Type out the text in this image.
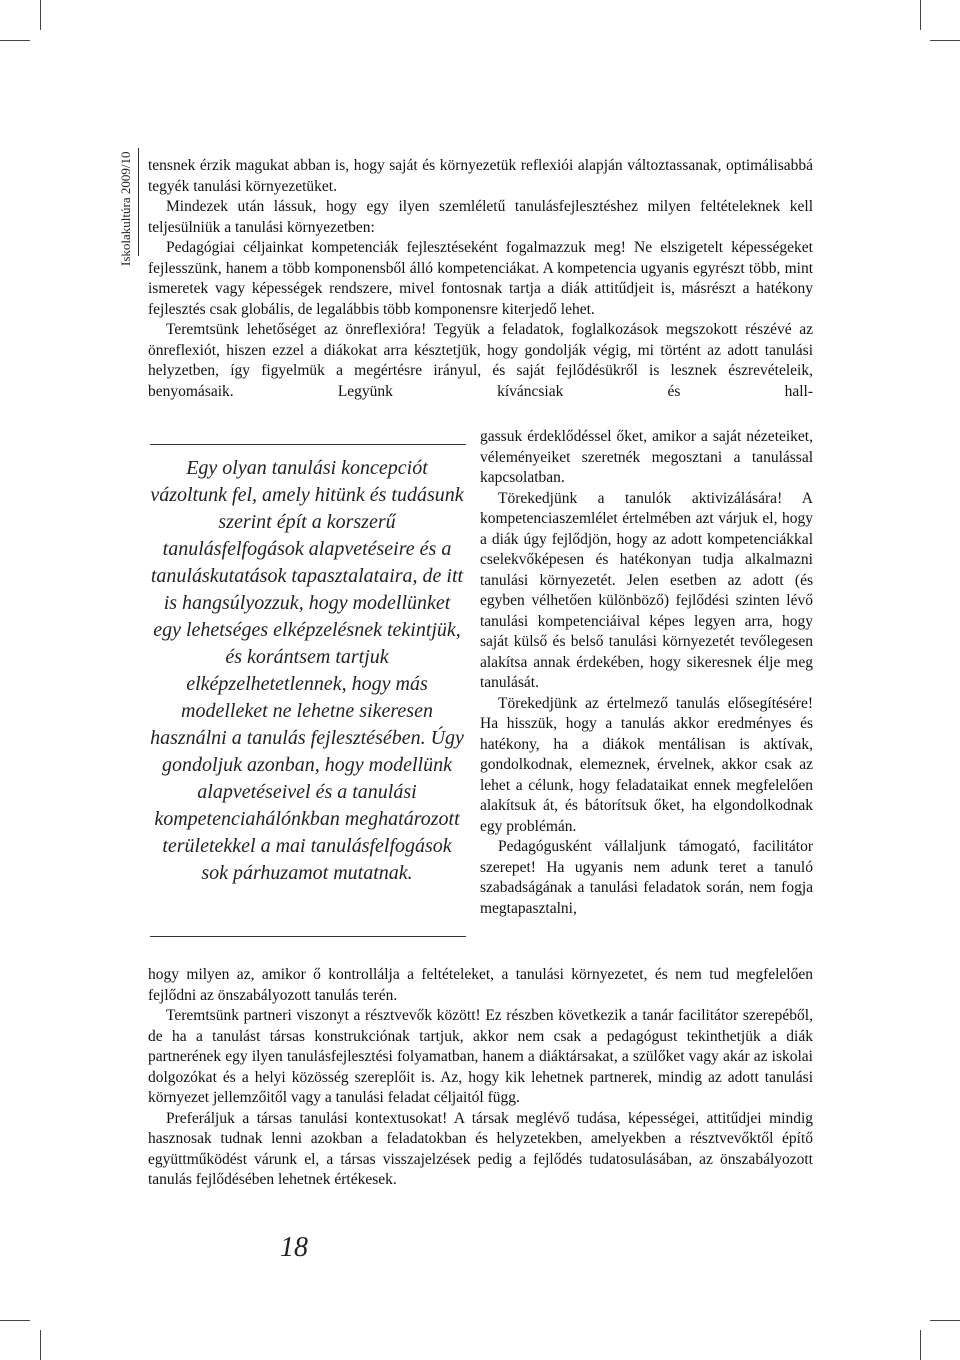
Iskolakultúra 2009/10 tensnek érzik magukat abban is, hogy saját és környezetük reflexiói alapján változtassanak, optimálisabbá tegyék tanulási környezetüket.

Mindezek után lássuk, hogy egy ilyen szemléletű tanulásfejlesztéshez milyen feltételeknek kell teljesülniük a tanulási környezetben:

Pedagógiai céljainkat kompetenciák fejlesztéseként fogalmazzuk meg! Ne elszigetelt képességeket fejlesszünk, hanem a több komponensből álló kompetenciákat. A kompetencia ugyanis egyrészt több, mint ismeretek vagy képességek rendszere, mivel fontosnak tartja a diák attitűdjeit is, másrészt a hatékony fejlesztés csak globális, de legalábbis több komponensre kiterjedő lehet.

Teremtsünk lehetőséget az önreflexióra! Tegyük a feladatok, foglalkozások megszokott részévé az önreflexiót, hiszen ezzel a diákokat arra késztetjük, hogy gondolják végig, mi történt az adott tanulási helyzetben, így figyelmük a megértésre irányul, és saját fejlődésükről is lesznek észrevételeik, benyomásaik. Legyünk kíváncsiak és hall-

Egy olyan tanulási koncepciót vázoltunk fel, amely hitünk és tudásunk szerint épít a korszerű tanulásfelfogások alapvetéseire és a tanuláskutatások tapasztalataira, de itt is hangsúlyozzuk, hogy modellünket egy lehetséges elképzelésnek tekintjük, és korántsem tartjuk elképzelhetetlennek, hogy más modelleket ne lehetne sikeresen használni a tanulás fejlesztésében. Úgy gondoljuk azonban, hogy modellünk alapvetéseivel és a tanulási kompetenciahálónkban meghatározott területekkel a mai tanulásfelfogások sok párhuzamot mutatnak.

gassuk érdeklődéssel őket, amikor a saját nézeteiket, véleményeiket szeretnék megosztani a tanulással kapcsolatban.

Törekedjünk a tanulók aktivizálására! A kompetenciaszemlélet értelmében azt várjuk el, hogy a diák úgy fejlődjön, hogy az adott kompetenciákkal cselekvőképesen és hatékonyan tudja alkalmazni tanulási környezetét. Jelen esetben az adott (és egyben vélhetően különböző) fejlődési szinten lévő tanulási kompetenciáival képes legyen arra, hogy saját külső és belső tanulási környezetét tevőlegesen alakítsa annak érdekében, hogy sikeresnek élje meg tanulását.

Törekedjünk az értelmező tanulás elősegítésére! Ha hisszük, hogy a tanulás akkor eredményes és hatékony, ha a diákok mentálisan is aktívak, gondolkodnak, elemeznek, érvelnek, akkor csak az lehet a célunk, hogy feladataikat ennek megfelelően alakítsuk át, és bátorítsuk őket, ha elgondolkodnak egy problémán.

Pedagógusként vállaljunk támogató, facilitátor szerepet! Ha ugyanis nem adunk teret a tanuló szabadságának a tanulási feladatok során, nem fogja megtapasztalni,

hogy milyen az, amikor ő kontrollálja a feltételeket, a tanulási környezetet, és nem tud megfelelően fejlődni az önszabályozott tanulás terén.

Teremtsünk partneri viszonyt a résztvevők között! Ez részben következik a tanár facilitátor szerepéből, de ha a tanulást társas konstrukciónak tartjuk, akkor nem csak a pedagógust tekinthetjük a diák partnerének egy ilyen tanulásfejlesztési folyamatban, hanem a diáktársakat, a szülőket vagy akár az iskolai dolgozókat és a helyi közösség szereplőit is. Az, hogy kik lehetnek partnerek, mindig az adott tanulási környezet jellemzőitől vagy a tanulási feladat céljaitól függ.

Preferáljuk a társas tanulási kontextusokat! A társak meglévő tudása, képességei, attitűdjei mindig hasznosak tudnak lenni azokban a feladatokban és helyzetekben, amelyekben a résztvevőktől építő együttműködést várunk el, a társas visszajelzések pedig a fejlődés tudatosulásában, az önszabályozott tanulás fejlődésében lehetnek értékesek.

18
